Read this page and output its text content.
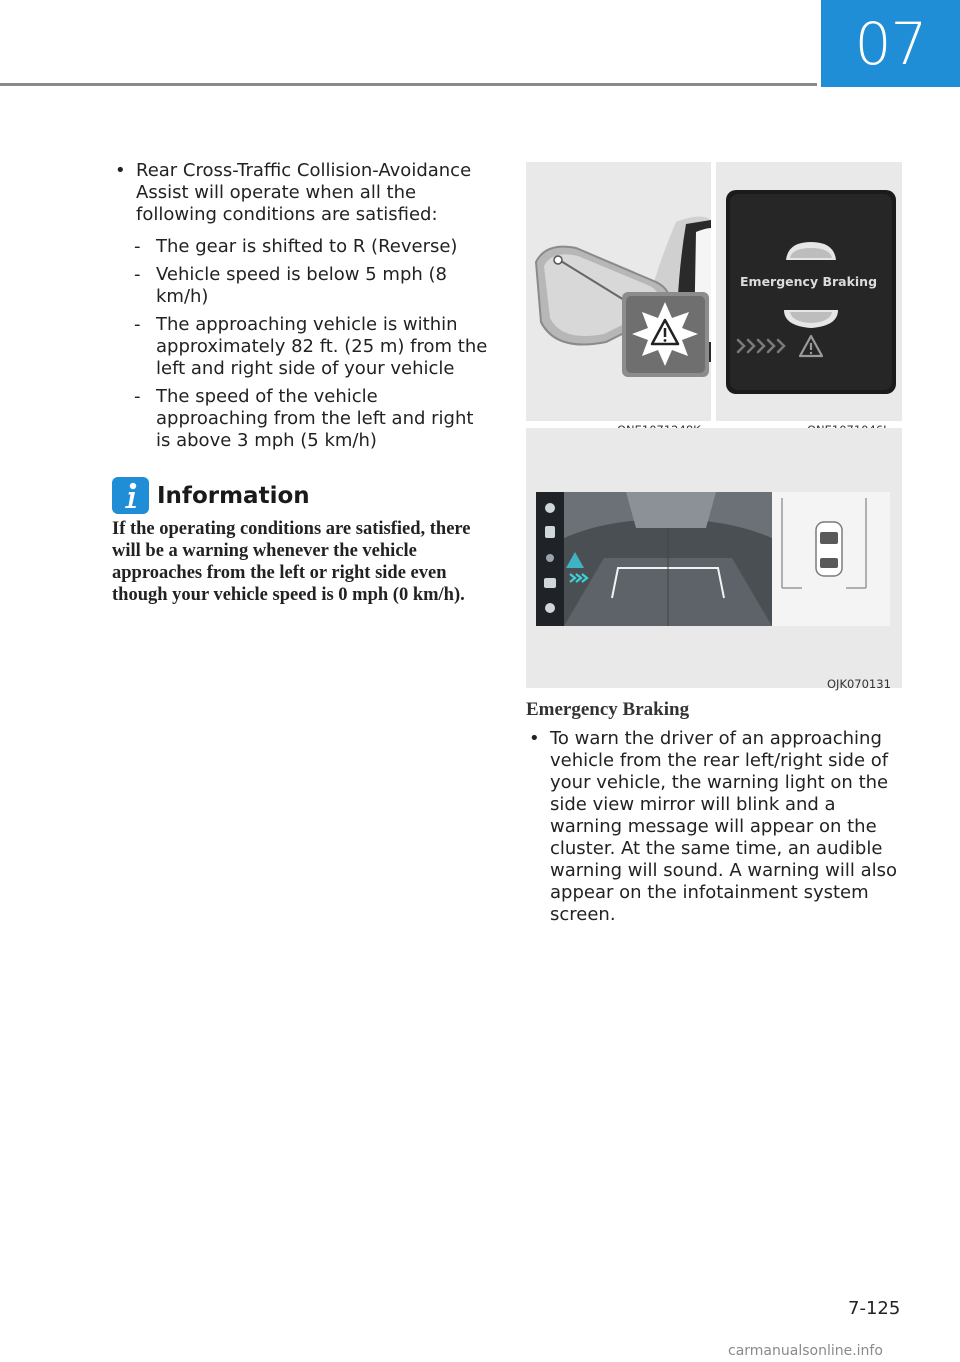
07
• Rear Cross-Traffic Collision-Avoidance Assist will operate when all the following conditions are satisfied:
- The gear is shifted to R (Reverse)
- Vehicle speed is below 5 mph (8 km/h)
- The approaching vehicle is within approximately 82 ft. (25 m) from the left and right side of your vehicle
- The speed of the vehicle approaching from the left and right is above 3 mph (5 km/h)
Information
If the operating conditions are satisfied, there will be a warning whenever the vehicle approaches from the left or right side even though your vehicle speed is 0 mph (0 km/h).
Emergency Braking
OJK070131
Emergency Braking
• To warn the driver of an approaching vehicle from the rear left/right side of your vehicle, the warning light on the side view mirror will blink and a warning message will appear on the cluster. At the same time, an audible warning will sound. A warning will also appear on the infotainment system screen.
7-125
carmanualsonline.info
